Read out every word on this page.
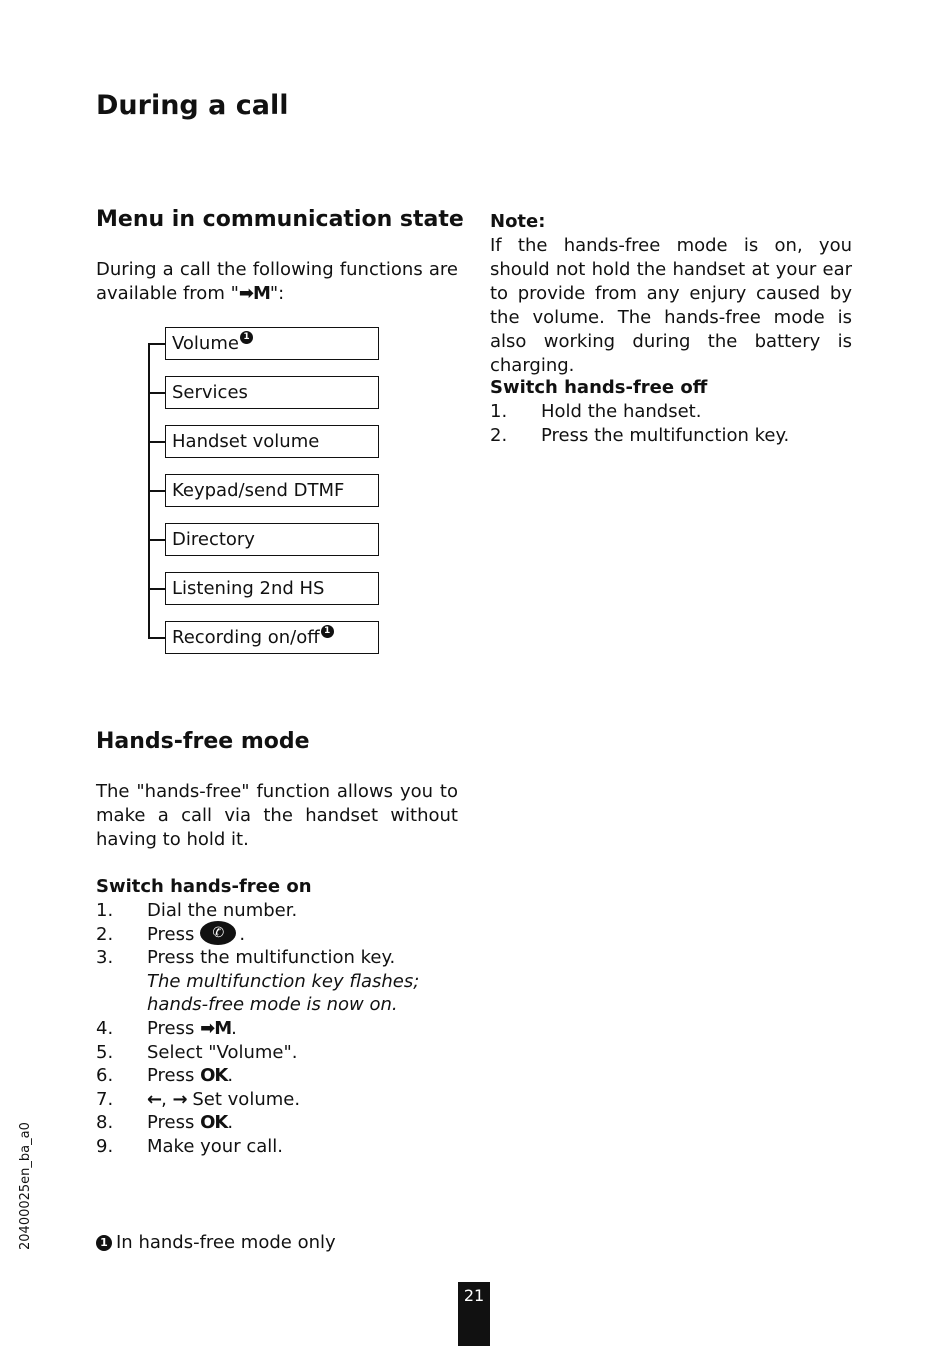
During a call
Menu in communication state
During a call the following functions are available from "➡M":
Volume 1
Services
Handset volume
Keypad/send DTMF
Directory
Listening 2nd HS
Recording on/off 1
Hands-free mode
The "hands-free" function allows you to make a call via the handset without having to hold it.
Switch hands-free on
1. Dial the number.
2. Press ✆ .
3. Press the multifunction key.
The multifunction key flashes;
hands-free mode is now on.
4. Press ➡M.
5. Select "Volume".
6. Press OK.
7. ←, → Set volume.
8. Press OK.
9. Make your call.
1 In hands-free mode only
Note:
If the hands-free mode is on, you should not hold the handset at your ear to provide from any enjury caused by the volume. The hands-free mode is also working during the battery is charging.
Switch hands-free off
1. Hold the handset.
2. Press the multifunction key.
20400025en_ba_a0
21
